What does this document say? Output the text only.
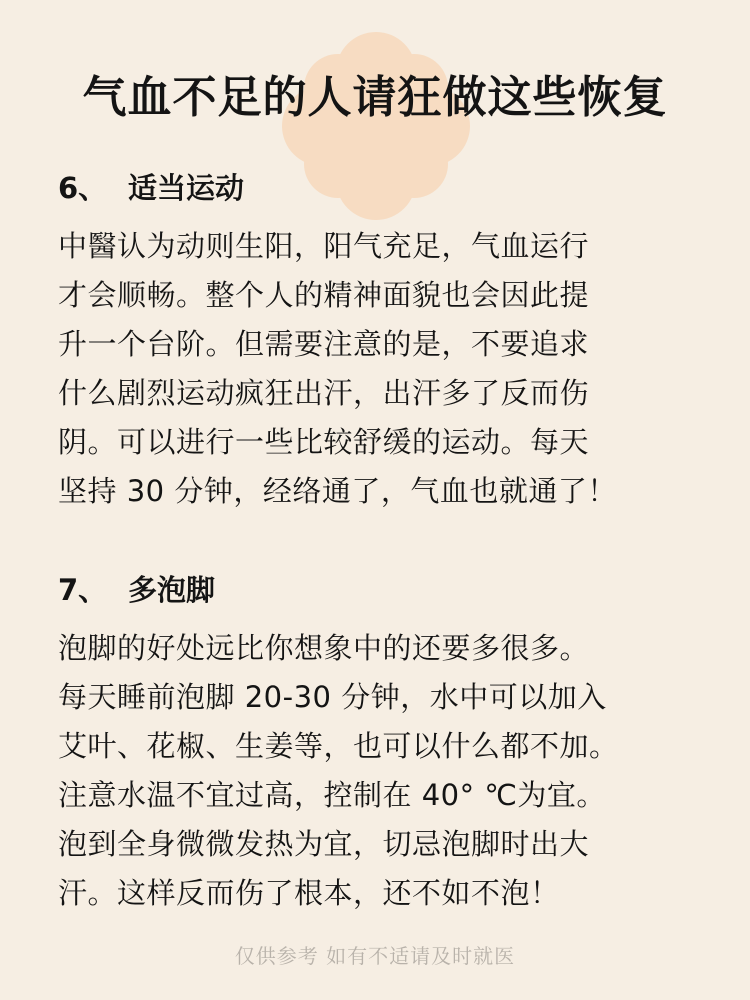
气血不足的人请狂做这些恢复
6、 适当运动

中醫认为动则生阳，阳气充足，气血运行

才会顺畅。整个人的精神面貌也会因此提

升一个台阶。但需要注意的是，不要追求

什么剧烈运动疯狂出汗，出汗多了反而伤

阴。可以进行一些比较舒缓的运动。每天

坚持 30 分钟，经络通了，气血也就通了！

7、 多泡脚

泡脚的好处远比你想象中的还要多很多。

每天睡前泡脚 20-30 分钟，水中可以加入

艾叶、花椒、生姜等，也可以什么都不加。

注意水温不宜过高，控制在 40° ℃为宜。

泡到全身微微发热为宜，切忌泡脚时出大

汗。这样反而伤了根本，还不如不泡！

仅供参考 如有不适请及时就医
